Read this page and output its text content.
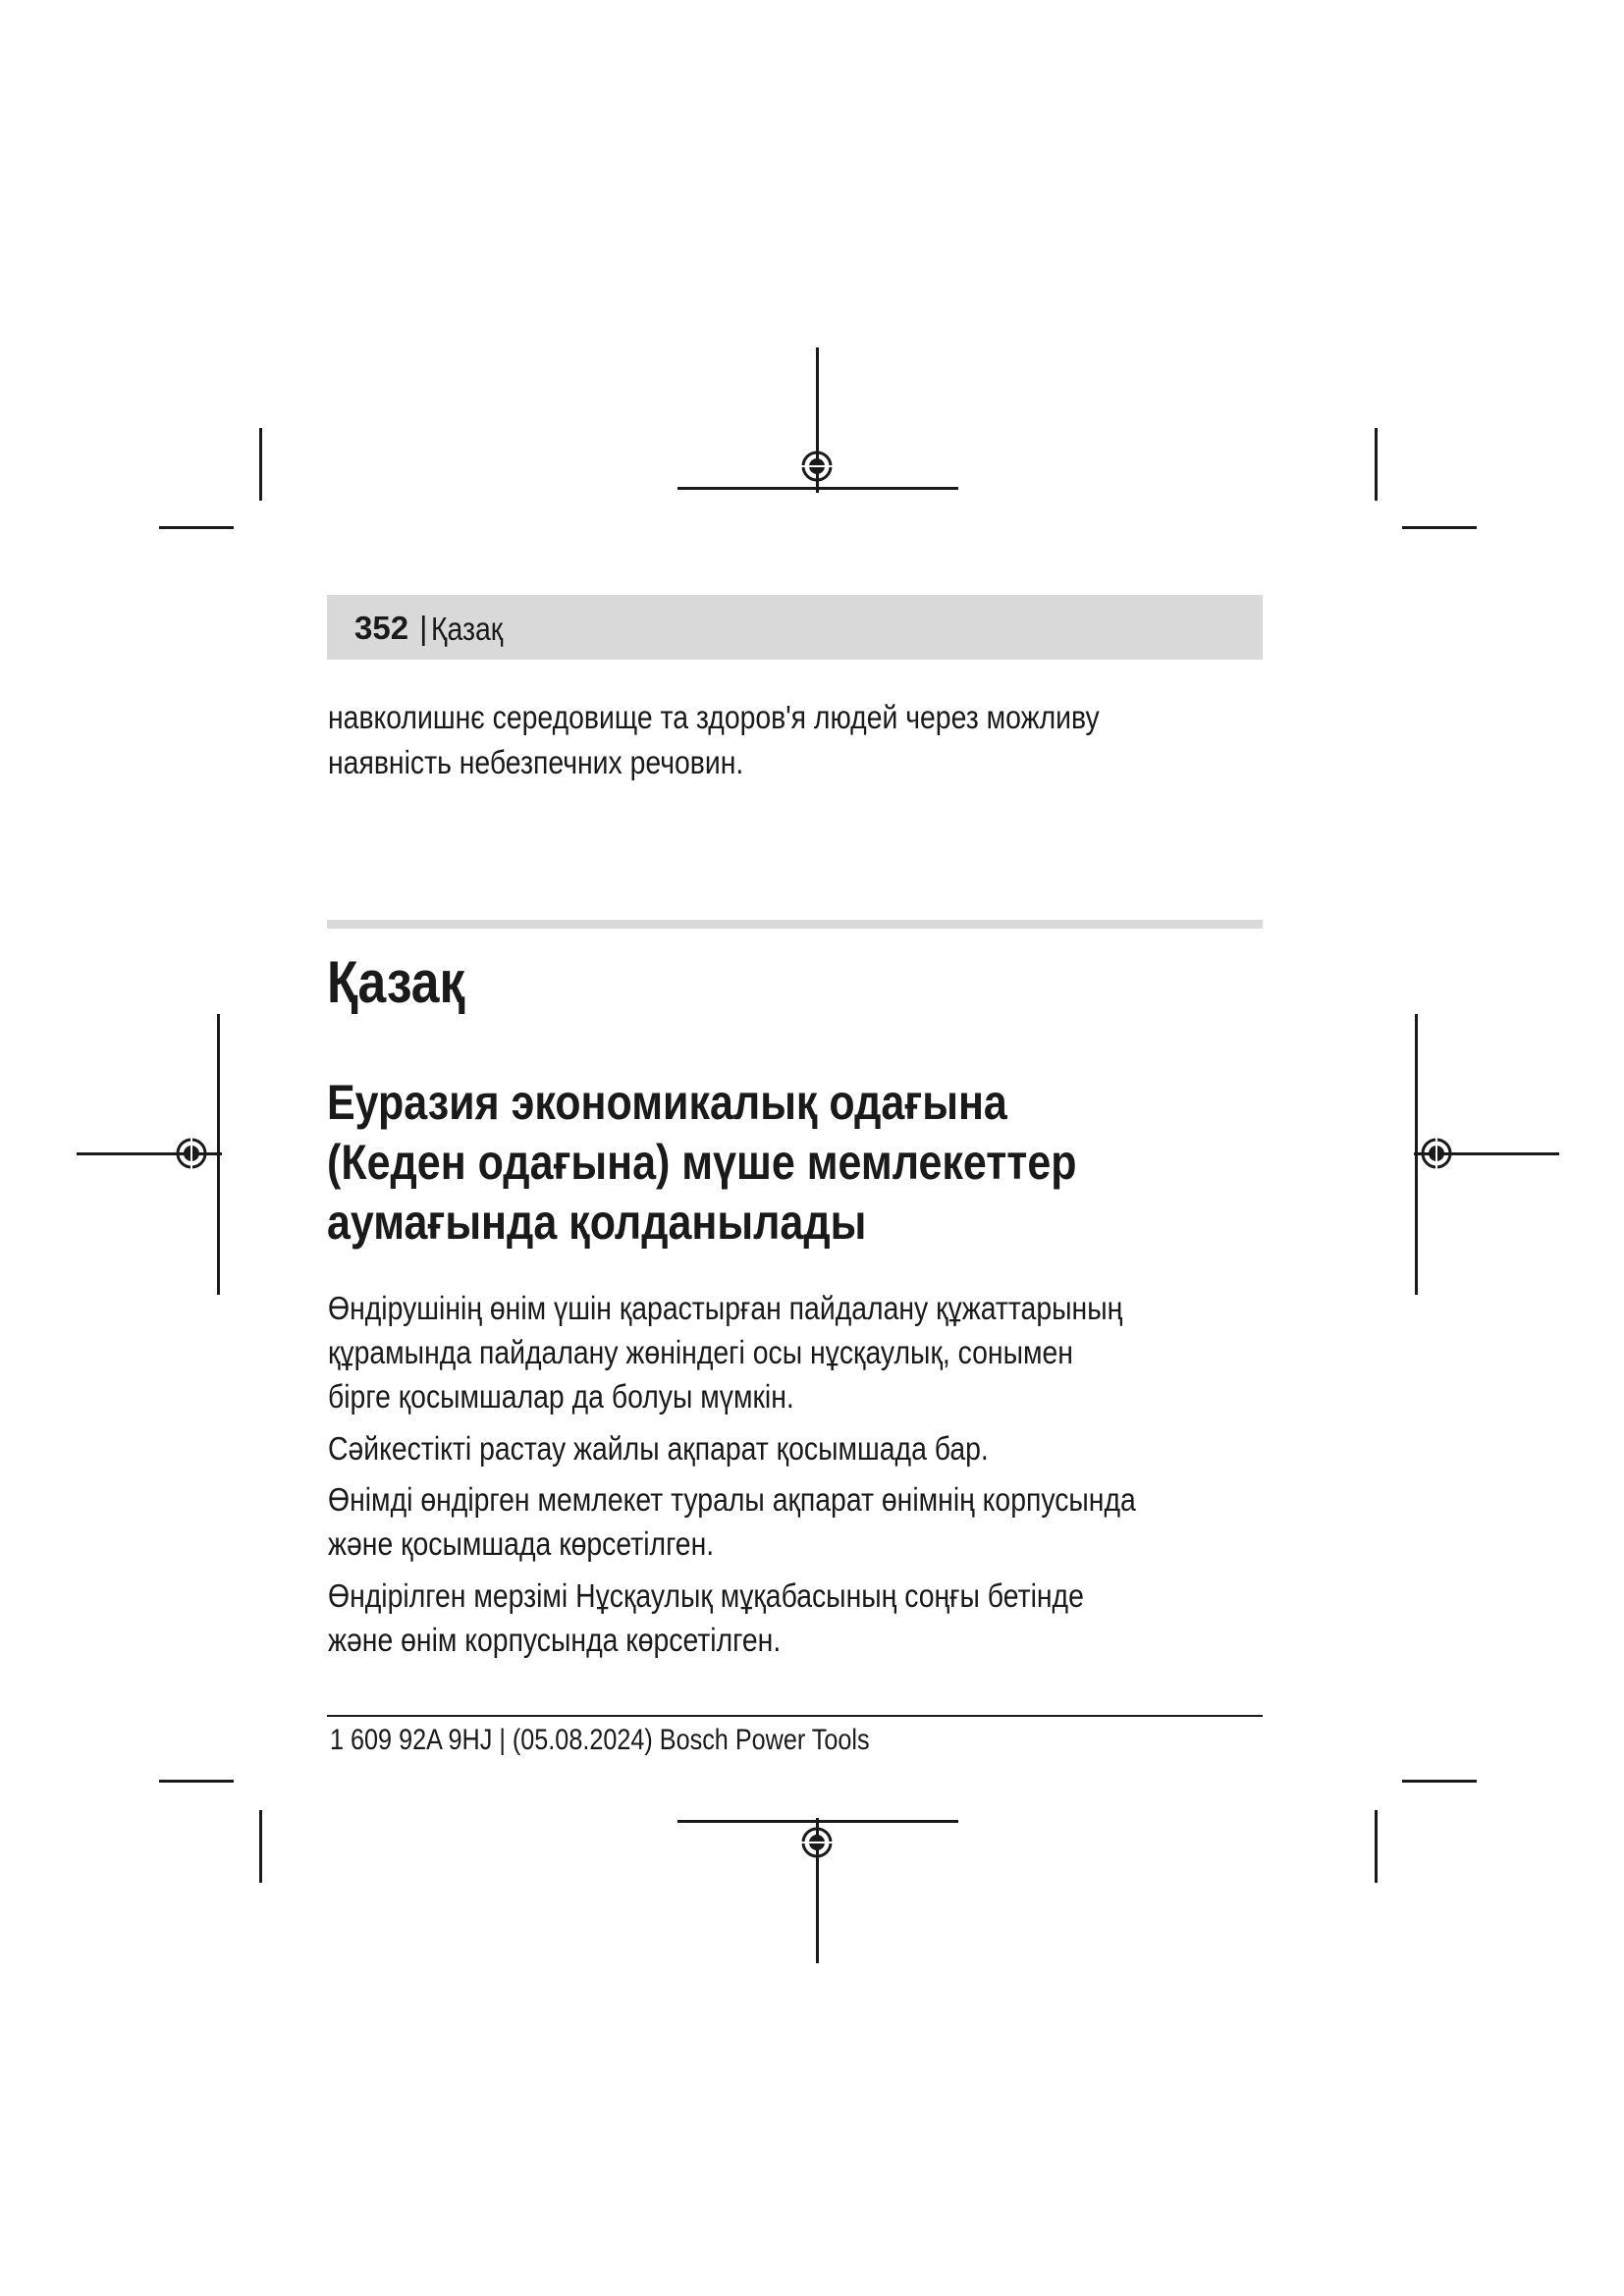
352 | Қазақ
навколишнє середовище та здоров'я людей через можливу
наявність небезпечних речовин.
Қазақ
Еуразия экономикалық одағына
(Кеден одағына) мүше мемлекеттер
аумағында қолданылады
Өндірушінің өнім үшін қарастырған пайдалану құжаттарының
құрамында пайдалану жөніндегі осы нұсқаулық, сонымен
бірге қосымшалар да болуы мүмкін.
Сәйкестікті растау жайлы ақпарат қосымшада бар.
Өнімді өндірген мемлекет туралы ақпарат өнімнің корпусында
және қосымшада көрсетілген.
Өндірілген мерзімі Нұсқаулық мұқабасының соңғы бетінде
және өнім корпусында көрсетілген.
1 609 92A 9HJ | (05.08.2024) Bosch Power Tools
